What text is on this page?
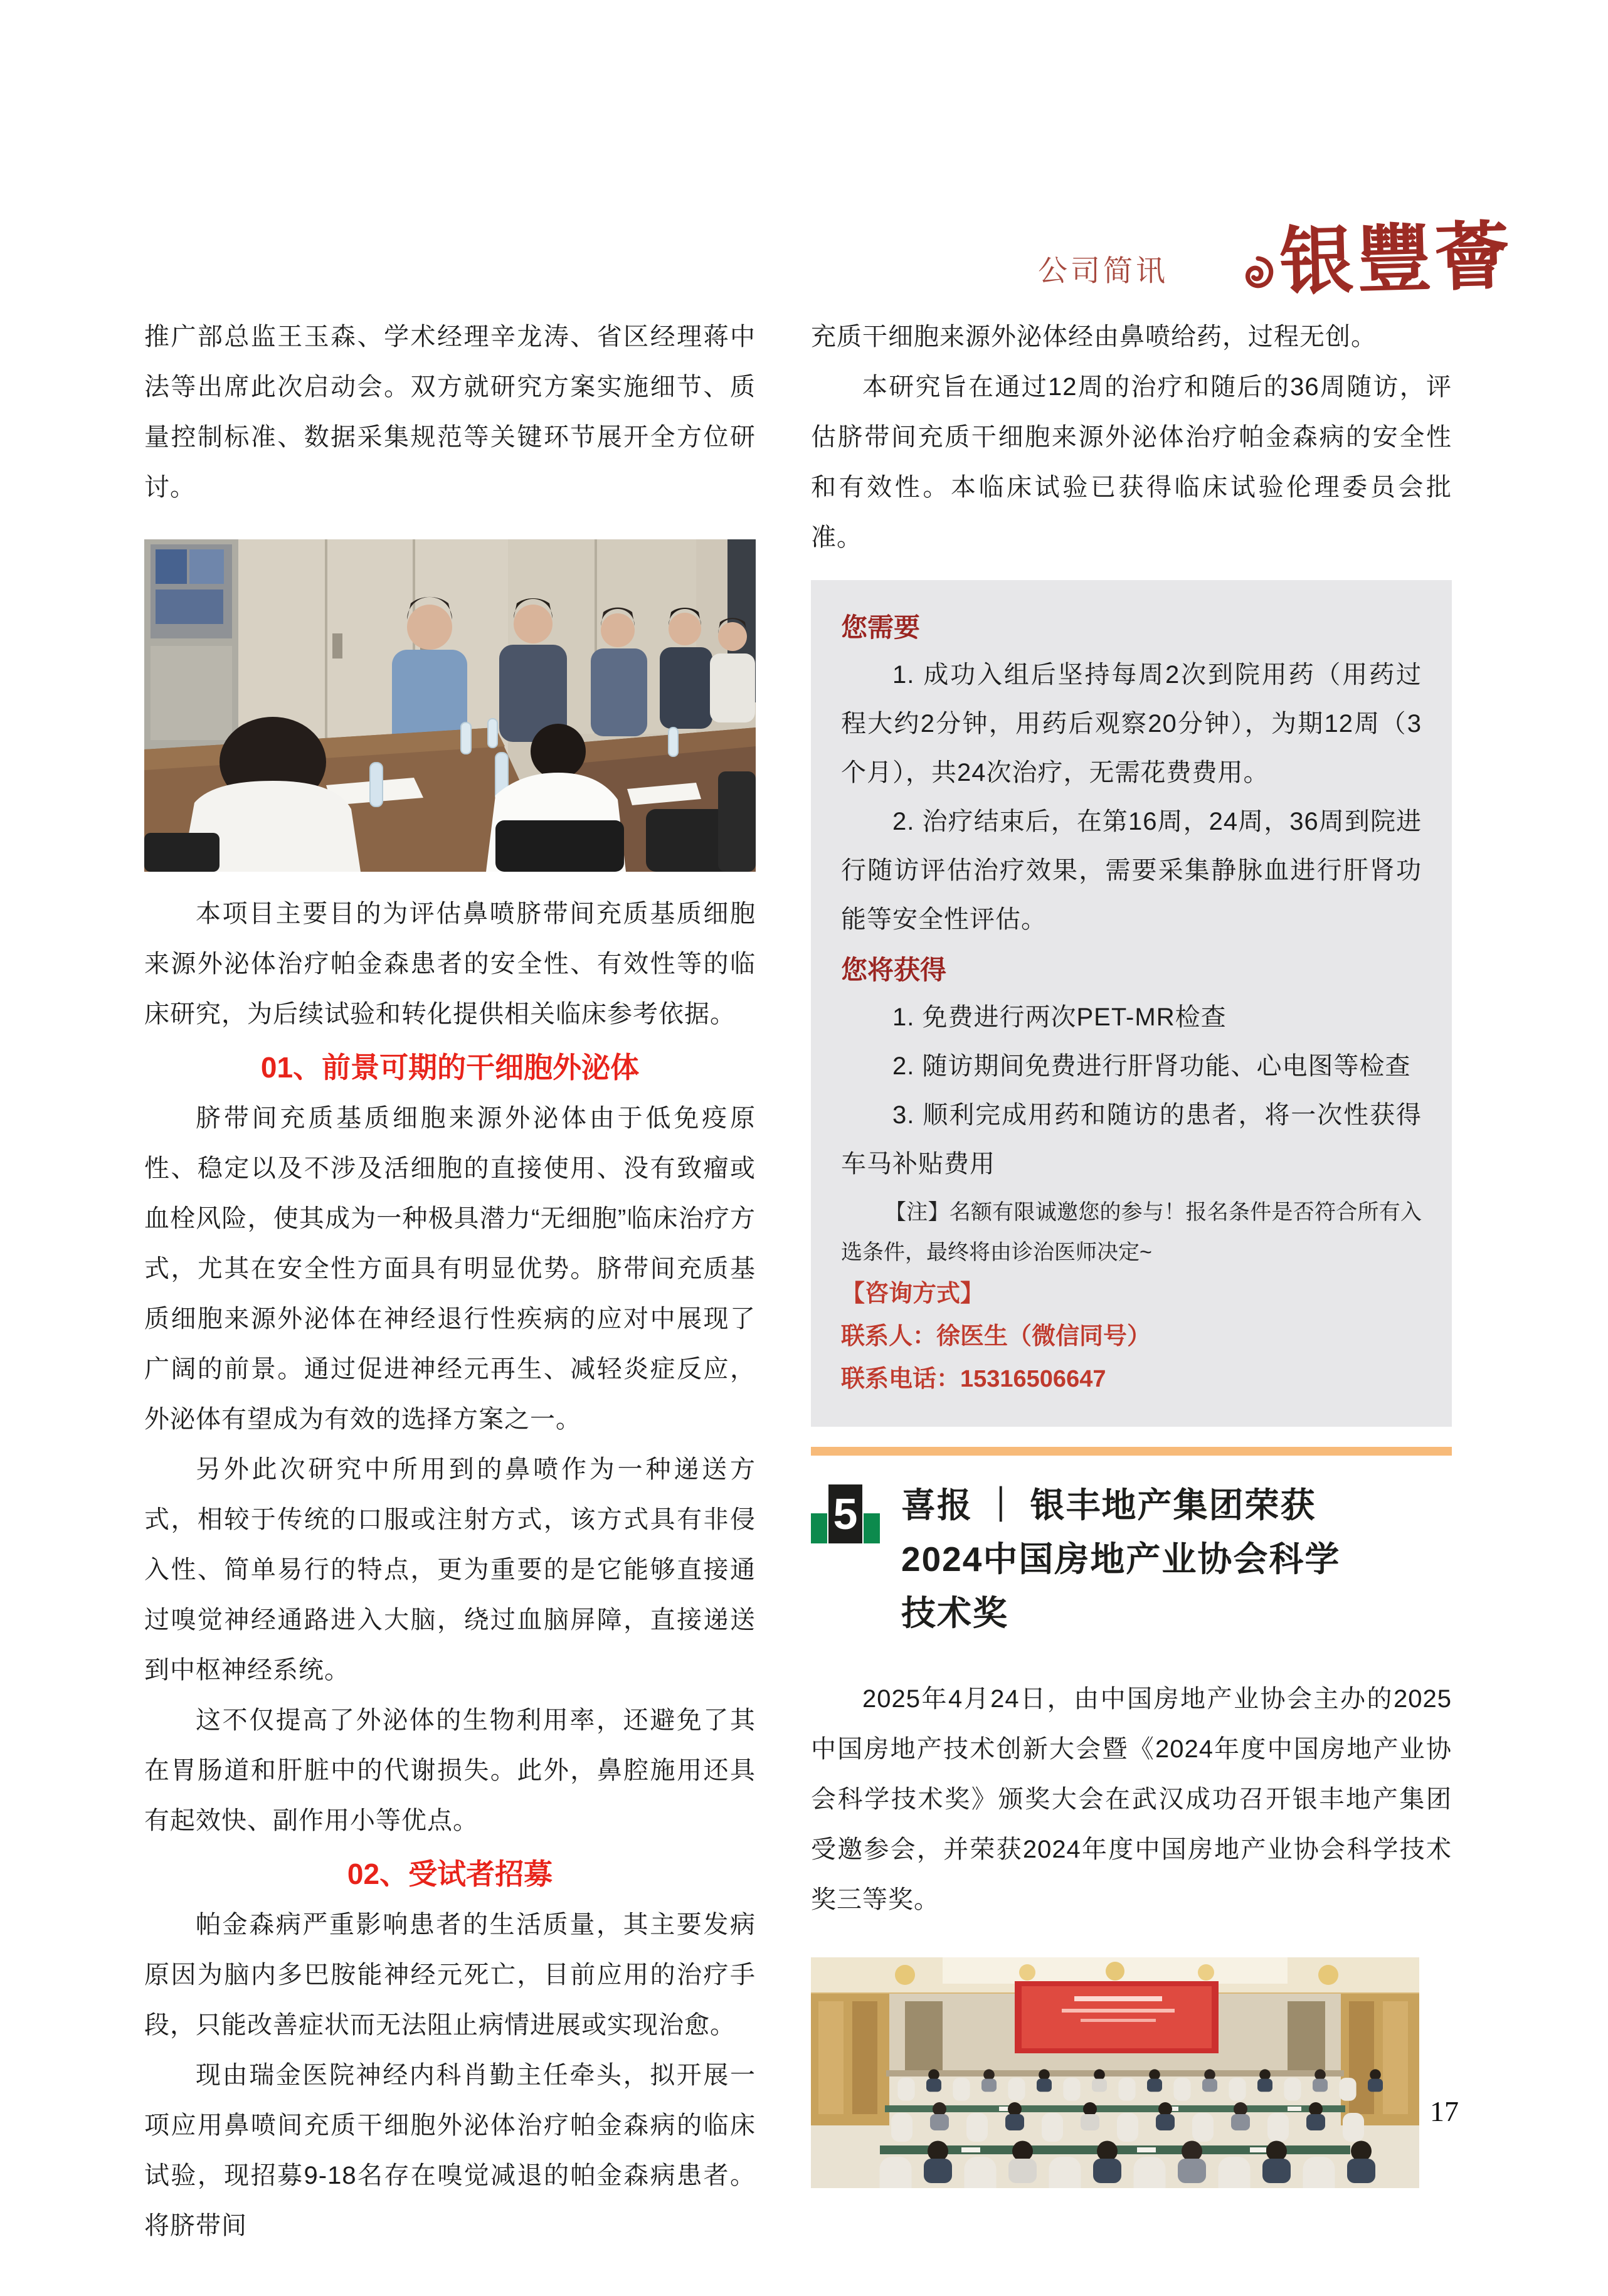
公司简讯 银豐薈

推广部总监王玉森、学术经理辛龙涛、省区经理蒋中法等出席此次启动会。双方就研究方案实施细节、质量控制标准、数据采集规范等关键环节展开全方位研讨。

本项目主要目的为评估鼻喷脐带间充质基质细胞来源外泌体治疗帕金森患者的安全性、有效性等的临床研究，为后续试验和转化提供相关临床参考依据。

01、前景可期的干细胞外泌体

脐带间充质基质细胞来源外泌体由于低免疫原性、稳定以及不涉及活细胞的直接使用、没有致瘤或血栓风险，使其成为一种极具潜力“无细胞”临床治疗方式，尤其在安全性方面具有明显优势。脐带间充质基质细胞来源外泌体在神经退行性疾病的应对中展现了广阔的前景。通过促进神经元再生、减轻炎症反应，外泌体有望成为有效的选择方案之一。

另外此次研究中所用到的鼻喷作为一种递送方式，相较于传统的口服或注射方式，该方式具有非侵入性、简单易行的特点，更为重要的是它能够直接通过嗅觉神经通路进入大脑，绕过血脑屏障，直接递送到中枢神经系统。

这不仅提高了外泌体的生物利用率，还避免了其在胃肠道和肝脏中的代谢损失。此外，鼻腔施用还具有起效快、副作用小等优点。

02、受试者招募

帕金森病严重影响患者的生活质量，其主要发病原因为脑内多巴胺能神经元死亡，目前应用的治疗手段，只能改善症状而无法阻止病情进展或实现治愈。

现由瑞金医院神经内科肖勤主任牵头，拟开展一项应用鼻喷间充质干细胞外泌体治疗帕金森病的临床试验，现招募9-18名存在嗅觉减退的帕金森病患者。将脐带间

充质干细胞来源外泌体经由鼻喷给药，过程无创。

本研究旨在通过12周的治疗和随后的36周随访，评估脐带间充质干细胞来源外泌体治疗帕金森病的安全性和有效性。本临床试验已获得临床试验伦理委员会批准。

您需要

1. 成功入组后坚持每周2次到院用药（用药过程大约2分钟，用药后观察20分钟），为期12周（3个月），共24次治疗，无需花费费用。

2. 治疗结束后，在第16周，24周，36周到院进行随访评估治疗效果，需要采集静脉血进行肝肾功能等安全性评估。

您将获得

1. 免费进行两次PET-MR检查

2. 随访期间免费进行肝肾功能、心电图等检查

3. 顺利完成用药和随访的患者，将一次性获得车马补贴费用

【注】名额有限诚邀您的参与！报名条件是否符合所有入选条件，最终将由诊治医师决定~

【咨询方式】
联系人：徐医生（微信同号）
联系电话：15316506647
5 喜报 ｜ 银丰地产集团荣获
2024中国房地产业协会科学
技术奖

2025年4月24日，由中国房地产业协会主办的2025中国房地产技术创新大会暨《2024年度中国房地产业协会科学技术奖》颁奖大会在武汉成功召开银丰地产集团受邀参会，并荣获2024年度中国房地产业协会科学技术奖三等奖。

17
